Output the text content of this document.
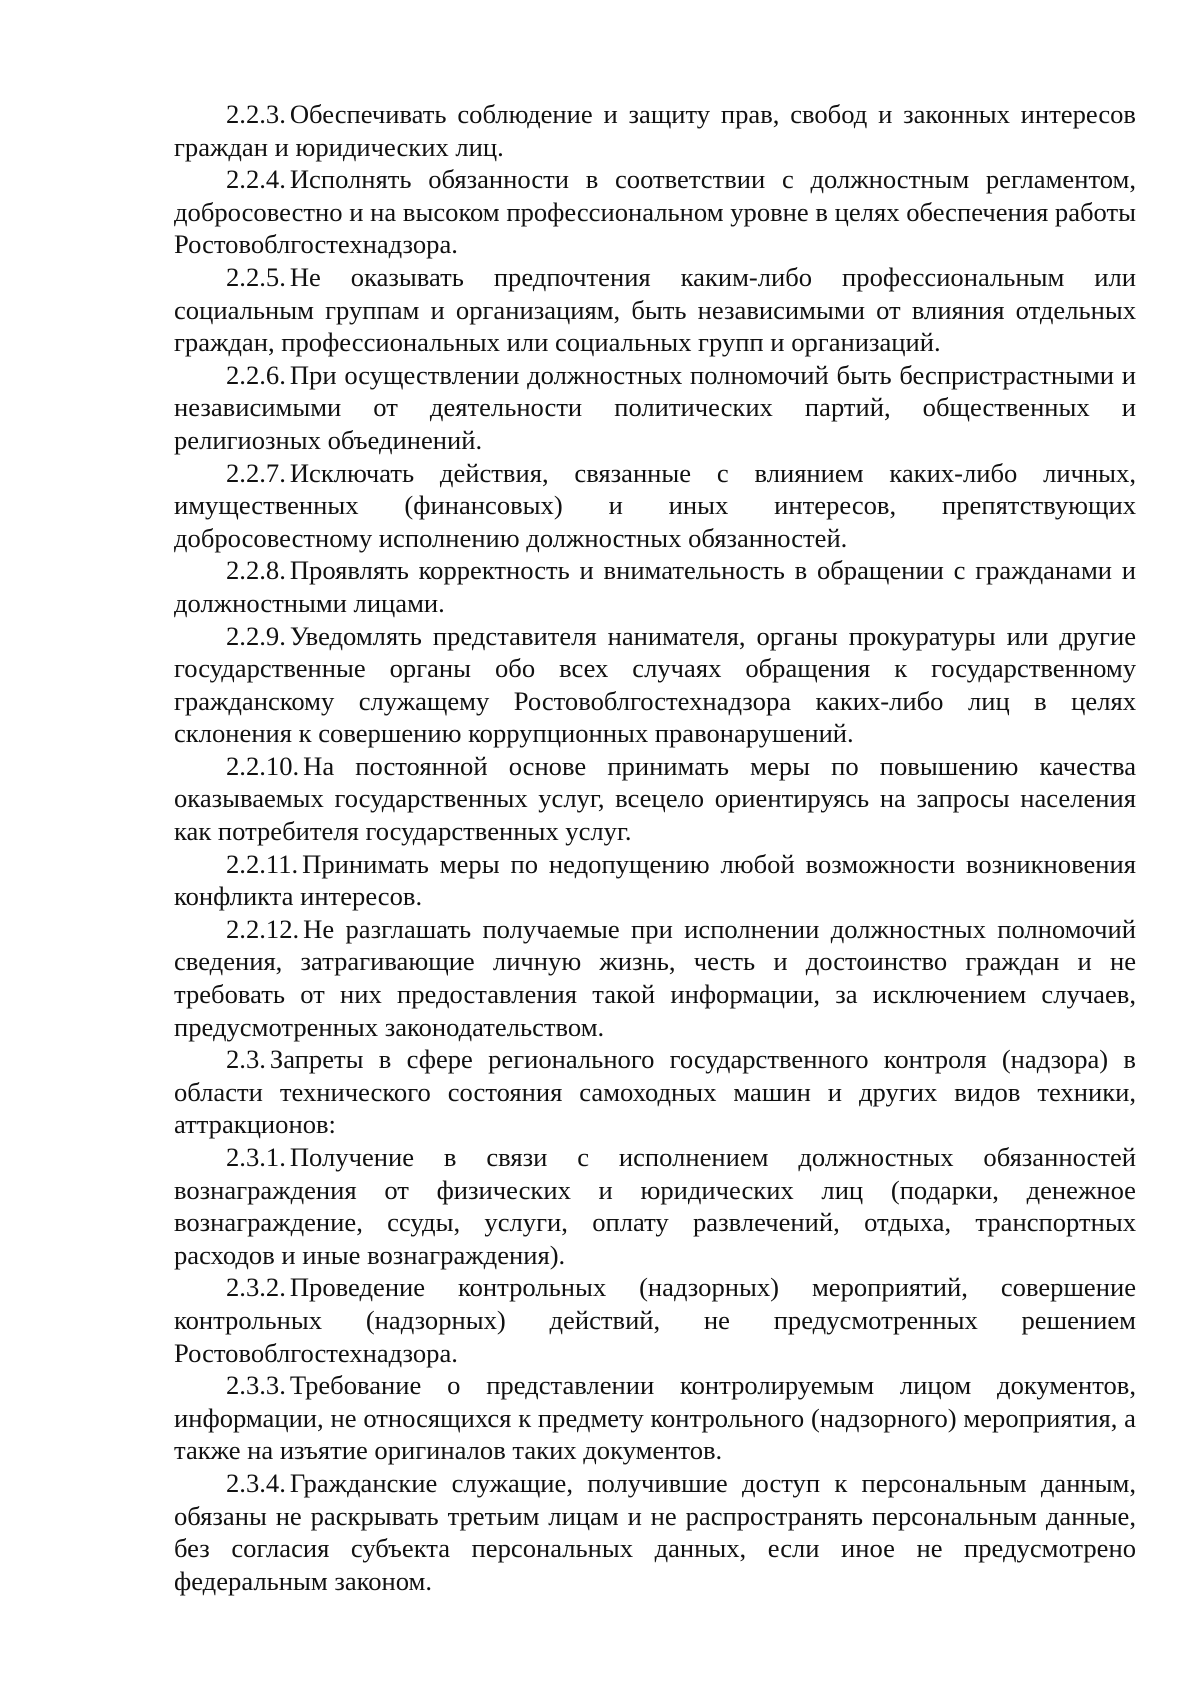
2.2.3. Обеспечивать соблюдение и защиту прав, свобод и законных интересов граждан и юридических лиц.

2.2.4. Исполнять обязанности в соответствии с должностным регламентом, добросовестно и на высоком профессиональном уровне в целях обеспечения работы Ростовоблгостехнадзора.

2.2.5. Не оказывать предпочтения каким-либо профессиональным или социальным группам и организациям, быть независимыми от влияния отдельных граждан, профессиональных или социальных групп и организаций.

2.2.6. При осуществлении должностных полномочий быть беспристрастными и независимыми от деятельности политических партий, общественных и религиозных объединений.

2.2.7. Исключать действия, связанные с влиянием каких-либо личных, имущественных (финансовых) и иных интересов, препятствующих добросовестному исполнению должностных обязанностей.

2.2.8. Проявлять корректность и внимательность в обращении с гражданами и должностными лицами.

2.2.9. Уведомлять представителя нанимателя, органы прокуратуры или другие государственные органы обо всех случаях обращения к государственному гражданскому служащему Ростовоблгостехнадзора каких-либо лиц в целях склонения к совершению коррупционных правонарушений.

2.2.10. На постоянной основе принимать меры по повышению качества оказываемых государственных услуг, всецело ориентируясь на запросы населения как потребителя государственных услуг.

2.2.11. Принимать меры по недопущению любой возможности возникновения конфликта интересов.

2.2.12. Не разглашать получаемые при исполнении должностных полномочий сведения, затрагивающие личную жизнь, честь и достоинство граждан и не требовать от них предоставления такой информации, за исключением случаев, предусмотренных законодательством.

2.3. Запреты в сфере регионального государственного контроля (надзора) в области технического состояния самоходных машин и других видов техники, аттракционов:

2.3.1. Получение в связи с исполнением должностных обязанностей вознаграждения от физических и юридических лиц (подарки, денежное вознаграждение, ссуды, услуги, оплату развлечений, отдыха, транспортных расходов и иные вознаграждения).

2.3.2. Проведение контрольных (надзорных) мероприятий, совершение контрольных (надзорных) действий, не предусмотренных решением Ростовоблгостехнадзора.

2.3.3. Требование о представлении контролируемым лицом документов, информации, не относящихся к предмету контрольного (надзорного) мероприятия, а также на изъятие оригиналов таких документов.

2.3.4. Гражданские служащие, получившие доступ к персональным данным, обязаны не раскрывать третьим лицам и не распространять персональным данные, без согласия субъекта персональных данных, если иное не предусмотрено федеральным законом.
